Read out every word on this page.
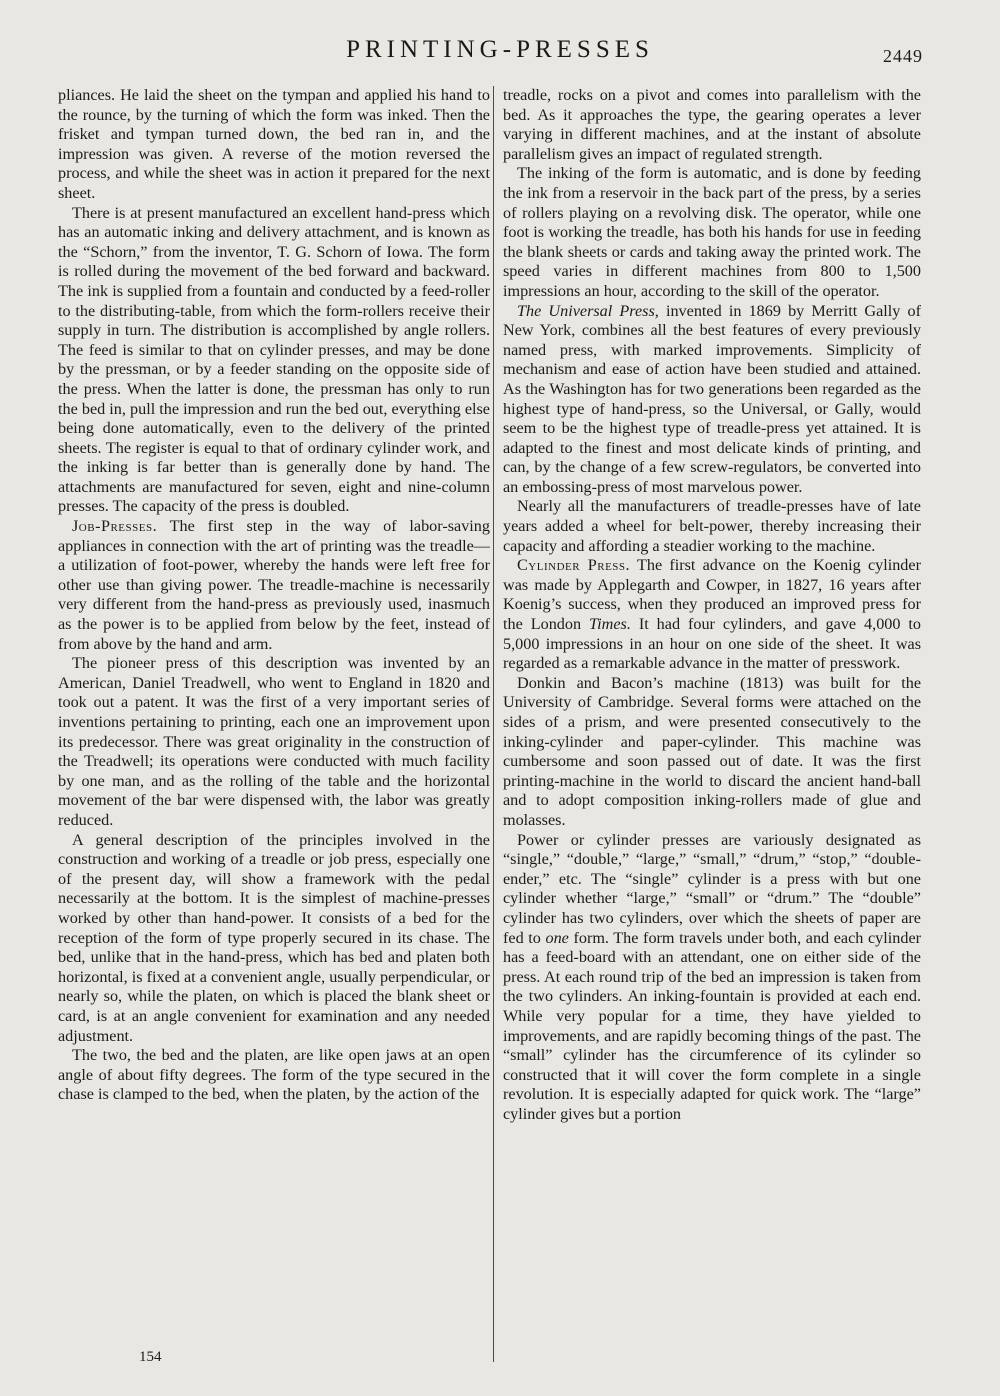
PRINTING-PRESSES	2449

pliances. He laid the sheet on the tympan and applied his hand to the rounce, by the turning of which the form was inked. Then the frisket and tympan turned down, the bed ran in, and the impression was given. A reverse of the motion reversed the process, and while the sheet was in action it prepared for the next sheet.

There is at present manufactured an excellent hand-press which has an automatic inking and delivery attachment, and is known as the “Schorn,” from the inventor, T. G. Schorn of Iowa. The form is rolled during the movement of the bed forward and backward. The ink is supplied from a fountain and conducted by a feed-roller to the distributing-table, from which the form-rollers receive their supply in turn. The distribution is accomplished by angle rollers. The feed is similar to that on cylinder presses, and may be done by the pressman, or by a feeder standing on the opposite side of the press. When the latter is done, the pressman has only to run the bed in, pull the impression and run the bed out, everything else being done automatically, even to the delivery of the printed sheets. The register is equal to that of ordinary cylinder work, and the inking is far better than is generally done by hand. The attachments are manufactured for seven, eight and nine-column presses. The capacity of the press is doubled.

Job-Presses. The first step in the way of labor-saving appliances in connection with the art of printing was the treadle—a utilization of foot-power, whereby the hands were left free for other use than giving power. The treadle-machine is necessarily very different from the hand-press as previously used, inasmuch as the power is to be applied from below by the feet, instead of from above by the hand and arm.

The pioneer press of this description was invented by an American, Daniel Treadwell, who went to England in 1820 and took out a patent. It was the first of a very important series of inventions pertaining to printing, each one an improvement upon its predecessor. There was great originality in the construction of the Treadwell; its operations were conducted with much facility by one man, and as the rolling of the table and the horizontal movement of the bar were dispensed with, the labor was greatly reduced.

A general description of the principles involved in the construction and working of a treadle or job press, especially one of the present day, will show a framework with the pedal necessarily at the bottom. It is the simplest of machine-presses worked by other than hand-power. It consists of a bed for the reception of the form of type properly secured in its chase. The bed, unlike that in the hand-press, which has bed and platen both horizontal, is fixed at a convenient angle, usually perpendicular, or nearly so, while the platen, on which is placed the blank sheet or card, is at an angle convenient for examination and any needed adjustment.

The two, the bed and the platen, are like open jaws at an open angle of about fifty degrees. The form of the type secured in the chase is clamped to the bed, when the platen, by the action of the

treadle, rocks on a pivot and comes into parallelism with the bed. As it approaches the type, the gearing operates a lever varying in different machines, and at the instant of absolute parallelism gives an impact of regulated strength.

The inking of the form is automatic, and is done by feeding the ink from a reservoir in the back part of the press, by a series of rollers playing on a revolving disk. The operator, while one foot is working the treadle, has both his hands for use in feeding the blank sheets or cards and taking away the printed work. The speed varies in different machines from 800 to 1,500 impressions an hour, according to the skill of the operator.

The Universal Press, invented in 1869 by Merritt Gally of New York, combines all the best features of every previously named press, with marked improvements. Simplicity of mechanism and ease of action have been studied and attained. As the Washington has for two generations been regarded as the highest type of hand-press, so the Universal, or Gally, would seem to be the highest type of treadle-press yet attained. It is adapted to the finest and most delicate kinds of printing, and can, by the change of a few screw-regulators, be converted into an embossing-press of most marvelous power.

Nearly all the manufacturers of treadle-presses have of late years added a wheel for belt-power, thereby increasing their capacity and affording a steadier working to the machine.

Cylinder Press. The first advance on the Koenig cylinder was made by Applegarth and Cowper, in 1827, 16 years after Koenig’s success, when they produced an improved press for the London Times. It had four cylinders, and gave 4,000 to 5,000 impressions in an hour on one side of the sheet. It was regarded as a remarkable advance in the matter of presswork.

Donkin and Bacon’s machine (1813) was built for the University of Cambridge. Several forms were attached on the sides of a prism, and were presented consecutively to the inking-cylinder and paper-cylinder. This machine was cumbersome and soon passed out of date. It was the first printing-machine in the world to discard the ancient hand-ball and to adopt composition inking-rollers made of glue and molasses.

Power or cylinder presses are variously designated as “single,” “double,” “large,” “small,” “drum,” “stop,” “double-ender,” etc. The “single” cylinder is a press with but one cylinder whether “large,” “small” or “drum.” The “double” cylinder has two cylinders, over which the sheets of paper are fed to one form. The form travels under both, and each cylinder has a feed-board with an attendant, one on either side of the press. At each round trip of the bed an impression is taken from the two cylinders. An inking-fountain is provided at each end. While very popular for a time, they have yielded to improvements, and are rapidly becoming things of the past. The “small” cylinder has the circumference of its cylinder so constructed that it will cover the form complete in a single revolution. It is especially adapted for quick work. The “large” cylinder gives but a portion

154
